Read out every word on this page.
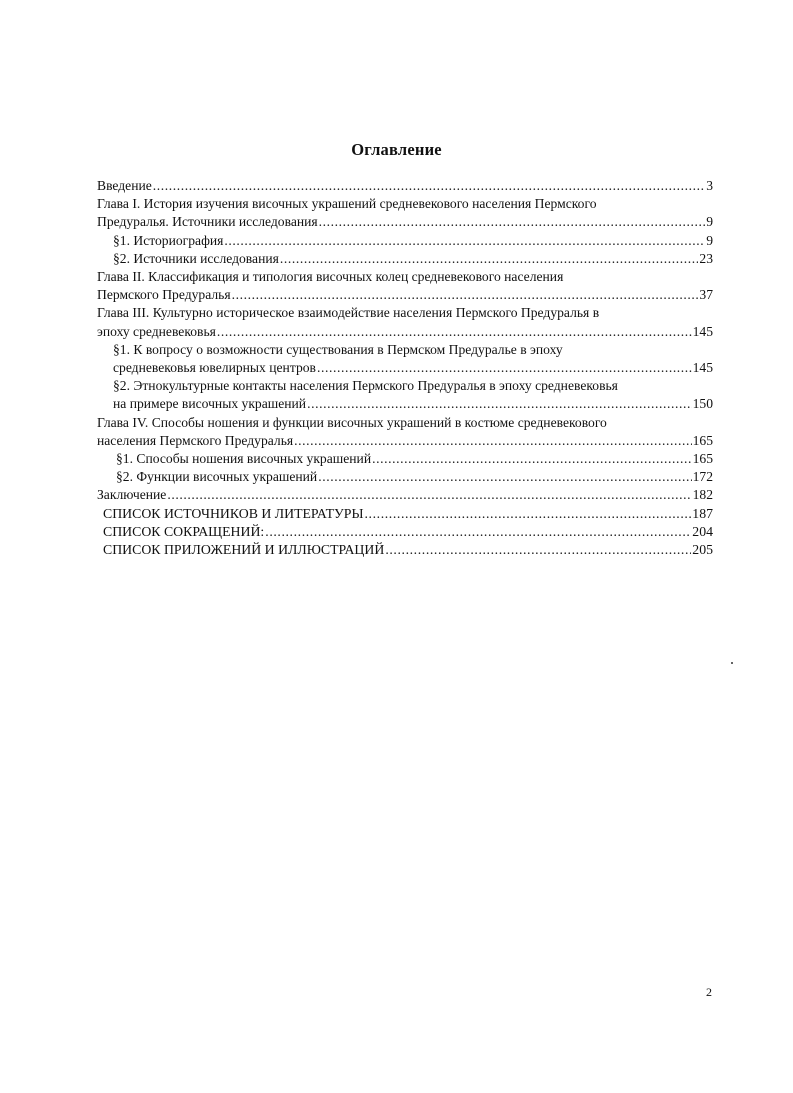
Оглавление
Введение .....	3
Глава I. История изучения височных украшений средневекового населения Пермского
Предуралья. Источники исследования .....	9
§1. Историография .....	9
§2. Источники исследования .....	23
Глава II. Классификация и типология височных колец средневекового населения
Пермского Предуралья .....	37
Глава III. Культурно историческое взаимодействие населения Пермского Предуралья в
эпоху средневековья .....	145
§1. К вопросу о возможности существования в Пермском Предуралье в эпоху
средневековья ювелирных центров .....	145
§2. Этнокультурные контакты населения Пермского Предуралья в эпоху средневековья
на примере височных украшений .....	150
Глава IV. Способы ношения и функции височных украшений в костюме средневекового
населения Пермского Предуралья .....	165
§1. Способы ношения височных украшений .....	165
§2. Функции височных украшений .....	172
Заключение .....	182
СПИСОК ИСТОЧНИКОВ И ЛИТЕРАТУРЫ .....	187
СПИСОК СОКРАЩЕНИЙ: .....	204
СПИСОК ПРИЛОЖЕНИЙ И ИЛЛЮСТРАЦИЙ .....	205
2
